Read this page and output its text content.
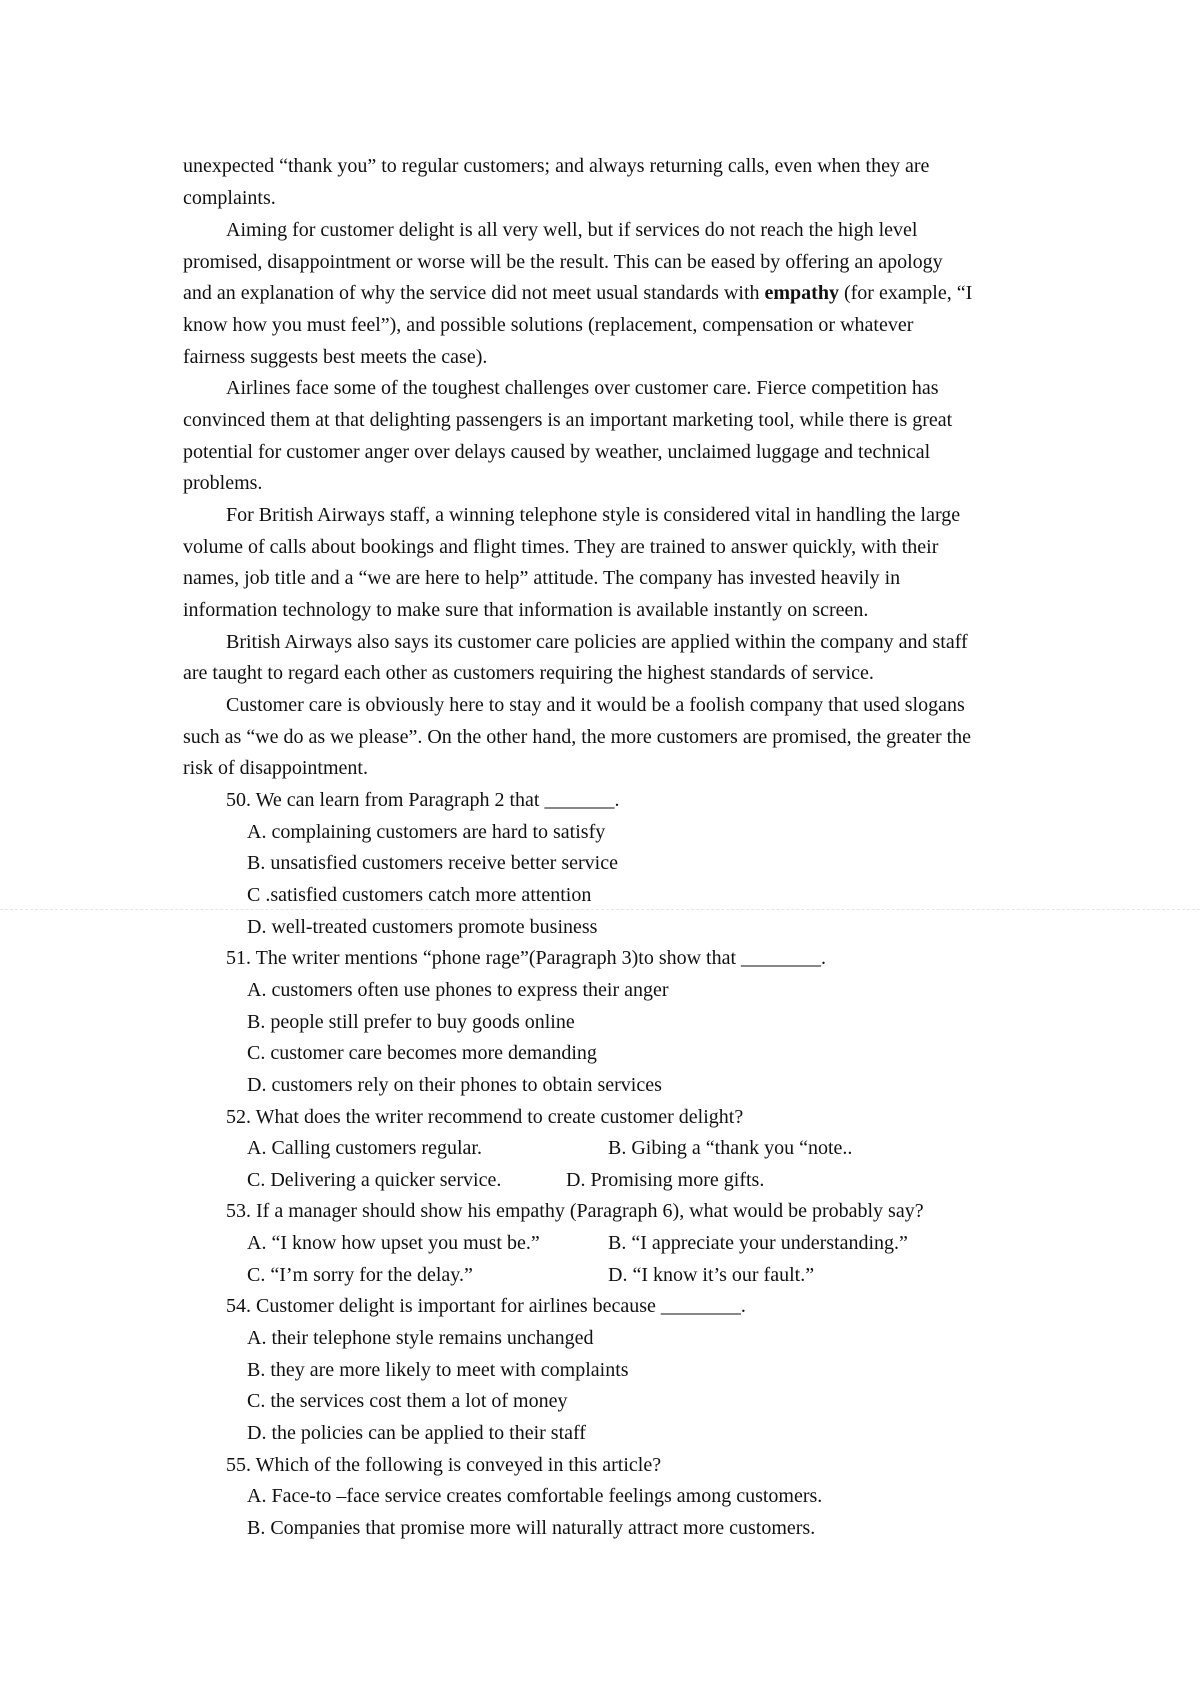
unexpected “thank you” to regular customers; and always returning calls, even when they are
complaints.
Aiming for customer delight is all very well, but if services do not reach the high level
promised, disappointment or worse will be the result. This can be eased by offering an apology
and an explanation of why the service did not meet usual standards with empathy (for example, “I
know how you must feel”), and possible solutions (replacement, compensation or whatever
fairness suggests best meets the case).
Airlines face some of the toughest challenges over customer care. Fierce competition has
convinced them at that delighting passengers is an important marketing tool, while there is great
potential for customer anger over delays caused by weather, unclaimed luggage and technical
problems.
For British Airways staff, a winning telephone style is considered vital in handling the large
volume of calls about bookings and flight times. They are trained to answer quickly, with their
names, job title and a “we are here to help” attitude. The company has invested heavily in
information technology to make sure that information is available instantly on screen.
British Airways also says its customer care policies are applied within the company and staff
are taught to regard each other as customers requiring the highest standards of service.
Customer care is obviously here to stay and it would be a foolish company that used slogans
such as “we do as we please”. On the other hand, the more customers are promised, the greater the
risk of disappointment.
50. We can learn from Paragraph 2 that _______.
A. complaining customers are hard to satisfy
B. unsatisfied customers receive better service
C .satisfied customers catch more attention
D. well-treated customers promote business
51. The writer mentions “phone rage”(Paragraph 3)to show that ________.
A. customers often use phones to express their anger
B. people still prefer to buy goods online
C. customer care becomes more demanding
D. customers rely on their phones to obtain services
52. What does the writer recommend to create customer delight?
A. Calling customers regular.	B. Gibing a “thank you “note..
C. Delivering a quicker service.	D. Promising more gifts.
53. If a manager should show his empathy (Paragraph 6), what would be probably say?
A. “I know how upset you must be.”	B. “I appreciate your understanding.”
C. “I’m sorry for the delay.”	D. “I know it’s our fault.”
54. Customer delight is important for airlines because ________.
A. their telephone style remains unchanged
B. they are more likely to meet with complaints
C. the services cost them a lot of money
D. the policies can be applied to their staff
55. Which of the following is conveyed in this article?
A. Face-to –face service creates comfortable feelings among customers.
B. Companies that promise more will naturally attract more customers.
